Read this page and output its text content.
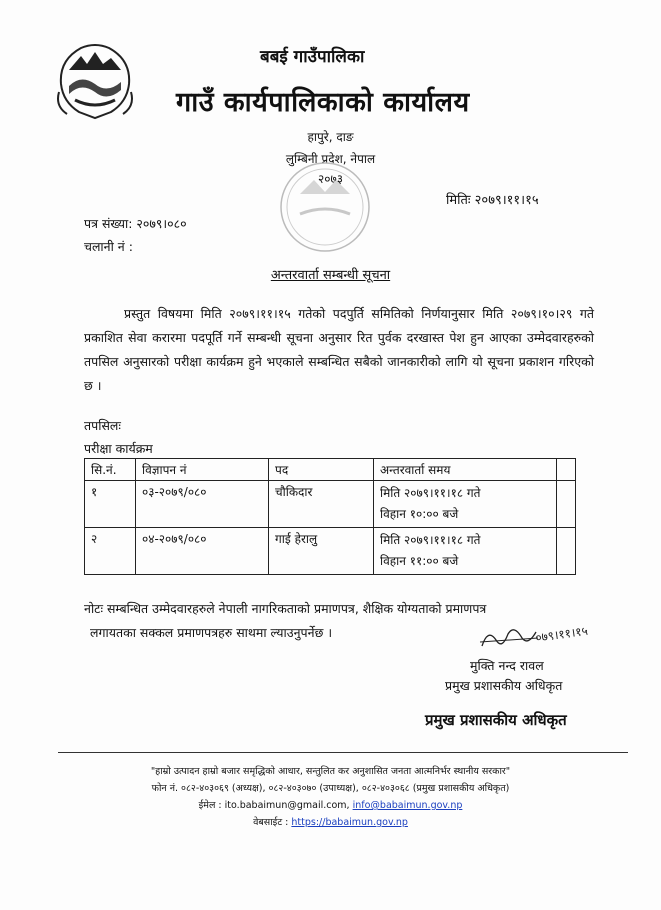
बबई गाउँपालिका
गाउँ कार्यपालिकाको कार्यालय
हापुरे, दाङ
लुम्बिनी प्रदेश, नेपाल
२०७३
मितिः २०७९।११।१५
पत्र संख्या: २०७९।०८०
चलानी नं :
अन्तरवार्ता सम्बन्धी सूचना
प्रस्तुत विषयमा मिति २०७९।११।१५ गतेको पदपुर्ति समितिको निर्णयानुसार मिति २०७९।१०।२९ गते प्रकाशित सेवा करारमा पदपूर्ति गर्ने सम्बन्धी सूचना अनुसार रित पुर्वक दरखास्त पेश हुन आएका उम्मेदवारहरुको तपसिल अनुसारको परीक्षा कार्यक्रम हुने भएकाले सम्बन्धित सबैको जानकारीको लागि यो सूचना प्रकाशन गरिएको छ ।
तपसिलः
परीक्षा कार्यक्रम
सि.नं.	विज्ञापन नं	पद	अन्तरवार्ता समय	
१	०३-२०७९/०८०	चौकिदार	मिति २०७९।११।१८ गते
विहान १०:०० बजे	

२	०४-२०७९/०८०	गाई हेरालु	मिति २०७९।११।१८ गते
विहान ११:०० बजे	

नोटः सम्बन्धित उम्मेदवारहरुले नेपाली नागरिकताको प्रमाणपत्र, शैक्षिक योग्यताको प्रमाणपत्र
लगायतका सक्कल प्रमाणपत्रहरु साथमा ल्याउनुपर्नेछ ।	०७९।११।१५
मुक्ति नन्द रावल
प्रमुख प्रशासकीय अधिकृत
प्रमुख प्रशासकीय अधिकृत
"हाम्रो उत्पादन हाम्रो बजार समृद्धिको आधार, सन्तुलित कर अनुशासित जनता आत्मनिर्भर स्थानीय सरकार"
फोन नं. ०८२-४०३०६९ (अध्यक्ष), ०८२-४०३०७० (उपाध्यक्ष), ०८२-४०३०६८ (प्रमुख प्रशासकीय अधिकृत)
ईमेल : ito.babaimun@gmail.com, info@babaimun.gov.np
वेबसाईट : https://babaimun.gov.np
